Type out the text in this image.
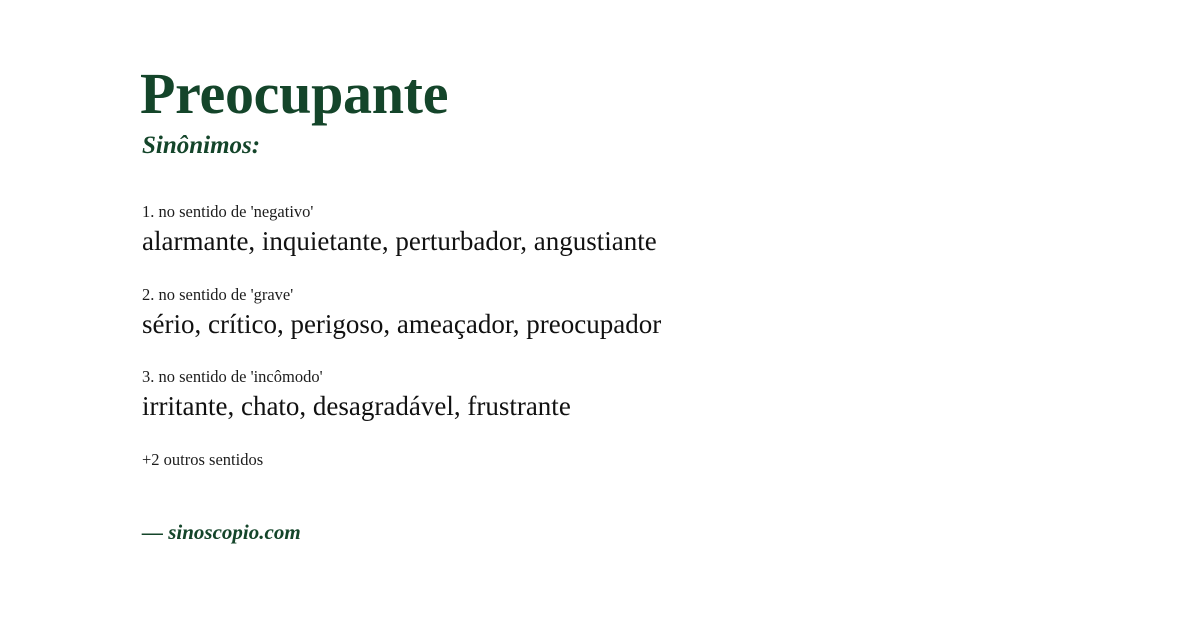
Preocupante
Sinônimos:
1. no sentido de 'negativo'
alarmante, inquietante, perturbador, angustiante
2. no sentido de 'grave'
sério, crítico, perigoso, ameaçador, preocupador
3. no sentido de 'incômodo'
irritante, chato, desagradável, frustrante
+2 outros sentidos
— sinoscopio.com
